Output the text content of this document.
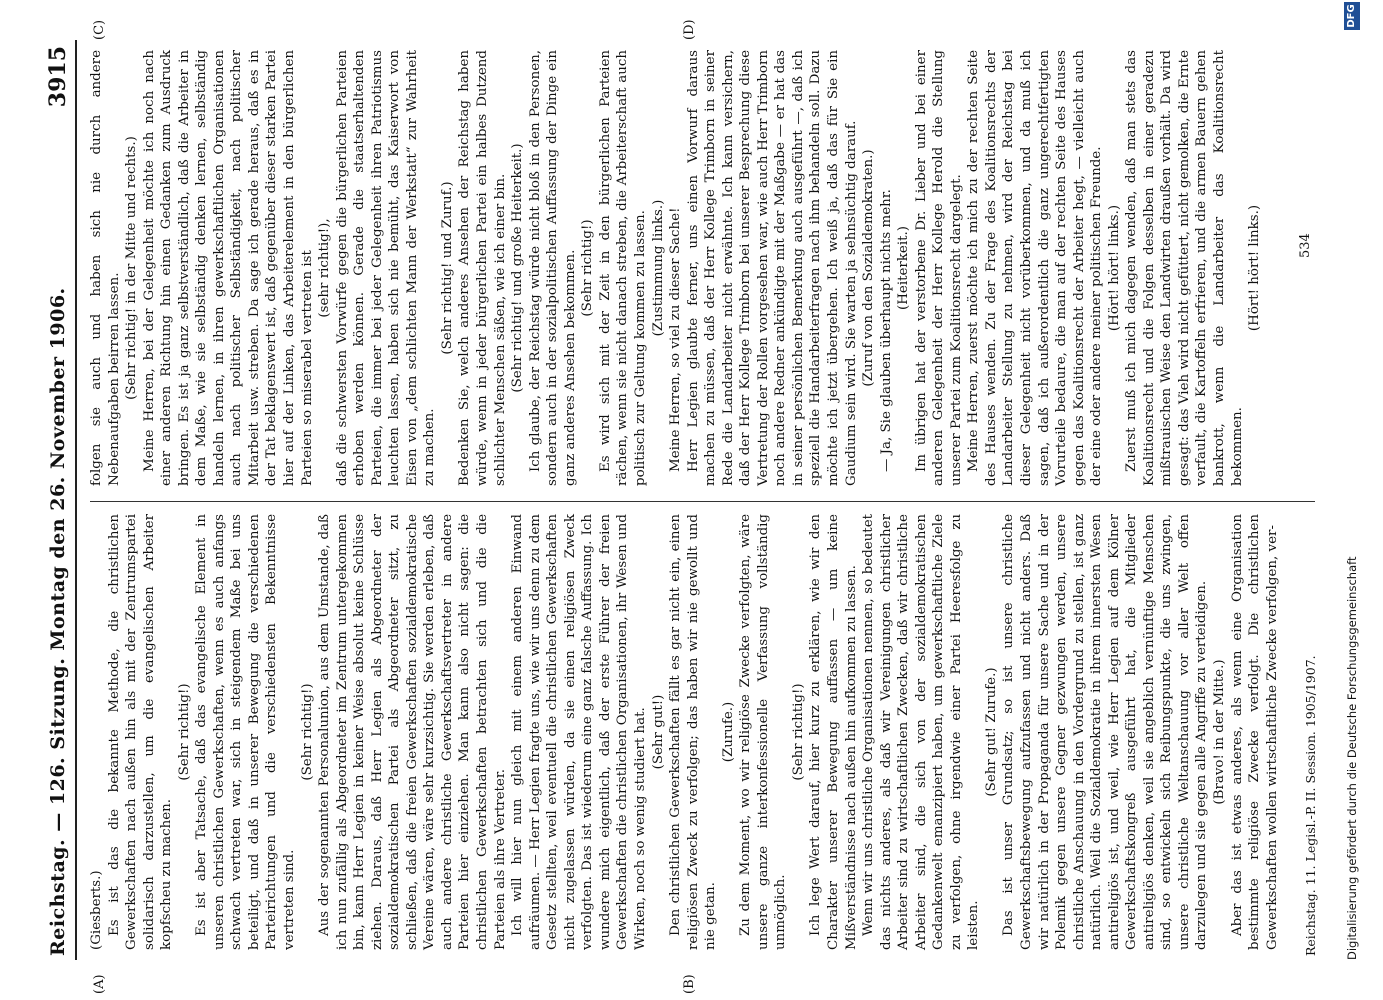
Reichstag. — 126. Sitzung. Montag den 26. November 1906.
3915
(A)	(B)
(C)	(D)

(Giesberts.) Es ist das die bekannte Methode, die christlichen Gewerkschaften nach außen hin als mit der Zentrumspartei solidarisch darzustellen, um die evangelischen Arbeiter kopfscheu zu machen.

(Sehr richtig!) Es ist aber Tatsache, daß das evangelische Element in unseren christlichen Gewerkschaften, wenn es auch anfangs schwach vertreten war, sich in steigendem Maße bei uns beteiligt, und daß in unserer Bewegung die verschiedenen Parteirichtungen und die verschiedensten Bekenntnisse vertreten sind.

(Sehr richtig!) Aus der sogenannten Personalunion, aus dem Umstande, daß ich nun zufällig als Abgeordneter im Zentrum untergekommen bin, kann Herr Legien in keiner Weise absolut keine Schlüsse ziehen. Daraus, daß Herr Legien als Abgeordneter der sozialdemokratischen Partei als Abgeordneter sitzt, zu schließen, daß die freien Gewerkschaften sozialdemokratische Vereine wären, wäre sehr kurzsichtig. Sie werden erleben, daß auch andere christliche Gewerkschaftsvertreter in andere Parteien hier einziehen. Man kann also nicht sagen: die christlichen Gewerkschaften betrachten sich und die die Parteien als ihre Vertreter. Ich will hier nun gleich mit einem anderen Einwand aufräumen. — Herr Legien fragte uns, wie wir uns denn zu dem Gesetz stellten, weil eventuell die christlichen Gewerkschaften nicht zugelassen würden, da sie einen religiösen Zweck verfolgten. Das ist wiederum eine ganz falsche Auffassung. Ich wundere mich eigentlich, daß der erste Führer der freien Gewerkschaften die christlichen Organisationen, ihr Wesen und Wirken, noch so wenig studiert hat. (Sehr gut!) Den christlichen Gewerkschaften fällt es gar nicht ein, einen religiösen Zweck zu verfolgen; das haben wir nie gewollt und nie getan.

(Zurufe.) Zu dem Moment, wo wir religiöse Zwecke verfolgten, wäre unsere ganze interkonfessionelle Verfassung vollständig unmöglich.

(Sehr richtig!) Ich lege Wert darauf, hier kurz zu erklären, wie wir den Charakter unserer Bewegung auffassen — um keine Mißverständnisse nach außen hin aufkommen zu lassen. Wenn wir uns christliche Organisationen nennen, so bedeutet das nichts anderes, als daß wir Vereinigungen christlicher Arbeiter sind zu wirtschaftlichen Zwecken, daß wir christliche Arbeiter sind, die sich von der sozialdemokratischen Gedankenwelt emanzipiert haben, um gewerkschaftliche Ziele zu verfolgen, ohne irgendwie einer Partei Heeresfolge zu leisten.

(Sehr gut! Zurufe.) Das ist unser Grundsatz; so ist unsere christliche Gewerkschaftsbewegung aufzufassen und nicht anders. Daß wir natürlich in der Propaganda für unsere Sache und in der Polemik gegen unsere Gegner gezwungen werden, unsere christliche Anschauung in den Vordergrund zu stellen, ist ganz natürlich. Weil die Sozialdemokratie in ihrem innersten Wesen antireligiös ist, und weil, wie Herr Legien auf dem Kölner Gewerkschaftskongreß ausgeführt hat, die Mitglieder antireligiös denken, weil sie angeblich vernünftige Menschen sind, so entwickeln sich Reibungspunkte, die uns zwingen, unsere christliche Weltanschauung vor aller Welt offen darzulegen und sie gegen alle Angriffe zu verteidigen. (Bravo! in der Mitte.) Aber das ist etwas anderes, als wenn eine Organisation bestimmte religiöse Zwecke verfolgt. Die christlichen Gewerkschaften wollen wirtschaftliche Zwecke verfolgen, ver-

folgen sie auch und haben sich nie durch andere Nebenaufgaben beirren lassen. (Sehr richtig! in der Mitte und rechts.) Meine Herren, bei der Gelegenheit möchte ich noch nach einer anderen Richtung hin einen Gedanken zum Ausdruck bringen. Es ist ja ganz selbstverständlich, daß die Arbeiter in dem Maße, wie sie selbständig denken lernen, selbständig handeln lernen, in ihren gewerkschaftlichen Organisationen auch nach politischer Selbständigkeit, nach politischer Mitarbeit usw. streben. Da sage ich gerade heraus, daß es in der Tat beklagenswert ist, daß gegenüber dieser starken Partei hier auf der Linken, das Arbeiterelement in den bürgerlichen Parteien so miserabel vertreten ist (sehr richtig!), daß die schwersten Vorwürfe gegen die bürgerlichen Parteien erhoben werden können. Gerade die staatserhaltenden Parteien, die immer bei jeder Gelegenheit ihren Patriotismus leuchten lassen, haben sich nie bemüht, das Kaiserwort von Eisen von „dem schlichten Mann der Werkstatt“ zur Wahrheit zu machen.

(Sehr richtig! und Zuruf.) Bedenken Sie, welch anderes Ansehen der Reichstag haben würde, wenn in jeder bürgerlichen Partei ein halbes Dutzend schlichter Menschen säßen, wie ich einer bin. (Sehr richtig! und große Heiterkeit.) Ich glaube, der Reichstag würde nicht bloß in den Personen, sondern auch in der sozialpolitischen Auffassung der Dinge ein ganz anderes Ansehen bekommen. (Sehr richtig!) Es wird sich mit der Zeit in den bürgerlichen Parteien rächen, wenn sie nicht danach streben, die Arbeiterschaft auch politisch zur Geltung kommen zu lassen. (Zustimmung links.) Meine Herren, so viel zu dieser Sache! Herr Legien glaubte ferner, uns einen Vorwurf daraus machen zu müssen, daß der Herr Kollege Trimborn in seiner Rede die Landarbeiter nicht erwähnte. Ich kann versichern, daß der Herr Kollege Trimborn bei unserer Besprechung diese Vertretung der Rollen vorgesehen war, wie auch Herr Trimborn noch andere Redner ankündigte mit der Maßgabe — er hat das in seiner persönlichen Bemerkung auch ausgeführt —, daß ich speziell die Handarbeiterfragen nach ihm behandeln soll. Dazu möchte ich jetzt übergehen. Ich weiß ja, daß das für Sie ein Gaudium sein wird. Sie warten ja sehnsüchtig darauf. (Zuruf von den Sozialdemokraten.) — Ja, Sie glauben überhaupt nichts mehr. (Heiterkeit.) Im übrigen hat der verstorbene Dr. Lieber und bei einer anderen Gelegenheit der Herr Kollege Herold die Stellung unserer Partei zum Koalitionsrecht dargelegt. Meine Herren, zuerst möchte ich mich zu der rechten Seite des Hauses wenden. Zu der Frage des Koalitionsrechts der Landarbeiter Stellung zu nehmen, wird der Reichstag bei dieser Gelegenheit nicht vorüberkommen, und da muß ich sagen, daß ich außerordentlich die ganz ungerechtfertigten Vorurteile bedaure, die man auf der rechten Seite des Hauses gegen das Koalitionsrecht der Arbeiter hegt, — vielleicht auch der eine oder andere meiner politischen Freunde. (Hört! hört! links.) Zuerst muß ich mich dagegen wenden, daß man stets das Koalitionsrecht und die Folgen desselben in einer geradezu mißtrauischen Weise den Landwirten draußen vorhält. Da wird gesagt: das Vieh wird nicht gefüttert, nicht gemolken, die Ernte verfault, die Kartoffeln erfrieren, und die armen Bauern gehen bankrott, wenn die Landarbeiter das Koalitionsrecht bekommen.

(Hört! hört! links.)

Reichstag. 11. Legisl.-P. II. Session. 1905/1907.
534
Digitalisierung gefördert durch die Deutsche Forschungsgemeinschaft
DFG
